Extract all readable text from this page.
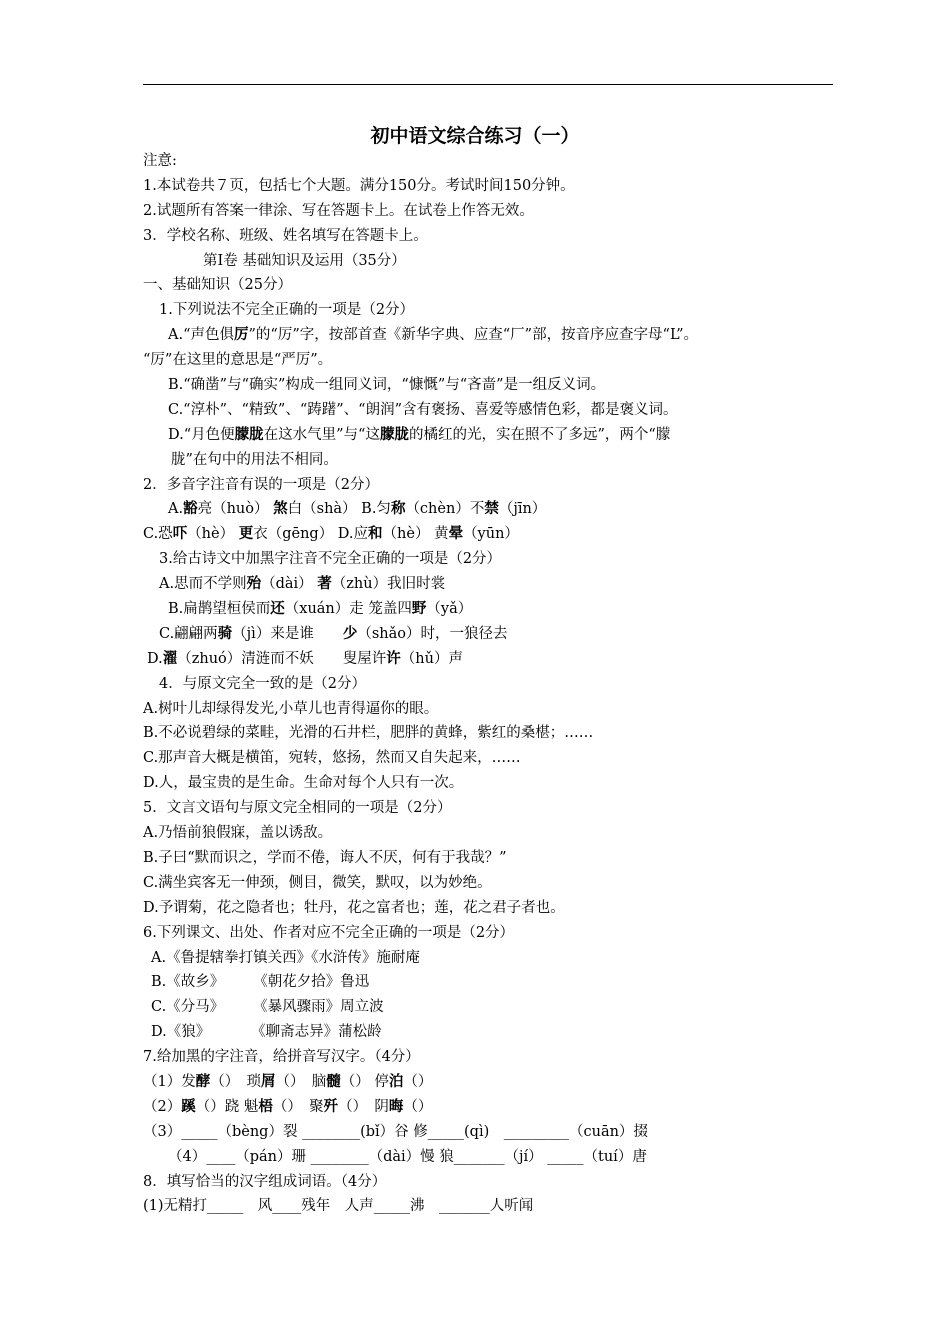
初中语文综合练习（一）
注意:
1.本试卷共７页，包括七个大题。满分150分。考试时间150分钟。
2.试题所有答案一律涂、写在答题卡上。在试卷上作答无效。
3．学校名称、班级、姓名填写在答题卡上。
第Ⅰ卷 基础知识及运用（35分）
一、基础知识（25分）
1.下列说法不完全正确的一项是（2分）
A.“声色俱厉”的“厉”字，按部首查《新华字典、应查“厂”部，按音序应查字母“L”。
“厉”在这里的意思是“严厉”。
B.“确凿”与“确实”构成一组同义词，“慷慨”与“吝啬”是一组反义词。
C.“淳朴”、“精致”、“踌躇”、“朗润”含有褒扬、喜爱等感情色彩，都是褒义词。
D.“月色便朦胧在这水气里”与“这朦胧的橘红的光，实在照不了多远”，两个“朦
胧”在句中的用法不相同。
2．多音字注音有误的一项是（2分）
A.豁亮（huò） 煞白（shà） B.匀称（chèn）不禁（jīn）
C.恐吓（hè） 更衣（gēng） D.应和（hè） 黄晕（yūn）
3.给古诗文中加黑字注音不完全正确的一项是（2分）
A.思而不学则殆（dài） 著（zhù）我旧时裳
B.扁鹊望桓侯而还（xuán）走 笼盖四野（yǎ）
C.翩翩两骑（jì）来是谁　　少（shǎo）时，一狼径去
D.濯（zhuó）清涟而不妖　　叟屋许许（hǔ）声
4．与原文完全一致的是（2分）
A.树叶儿却绿得发光,小草儿也青得逼你的眼。
B.不必说碧绿的菜畦，光滑的石井栏，肥胖的黄蜂，紫红的桑椹；……
C.那声音大概是横笛，宛转，悠扬，然而又自失起来，……
D.人，最宝贵的是生命。生命对每个人只有一次。
5．文言文语句与原文完全相同的一项是（2分）
A.乃悟前狼假寐，盖以诱敌。
B.子曰“默而识之，学而不倦，诲人不厌，何有于我哉？”
C.满坐宾客无一伸颈，侧目，微笑，默叹，以为妙绝。
D.予谓菊，花之隐者也；牡丹，花之富者也；莲，花之君子者也。
6.下列课文、出处、作者对应不完全正确的一项是（2分）
A.《鲁提辖拳打镇关西》《水浒传》施耐庵
B.《故乡》　　　《朝花夕拾》鲁迅
C.《分马》　　　《暴风骤雨》周立波
D.《狼》　　　 《聊斋志异》蒲松龄
7.给加黑的字注音，给拼音写汉字。（4分）
（1）发酵（）　琐屑（）　脑髓（） 停泊（）
（2）蹊（）跷 魁梧（）　聚歼（）　阴晦（）
（3）_____（bèng）裂 ________(bǐ）谷 修_____(qì)　_________（cuān）掇
（4）____（pán）珊 ________（dài）慢 狼_______（jí） _____（tuí）唐
8．填写恰当的汉字组成词语。（4分）
(1)无精打_____　风____残年　人声_____沸　_______人听闻
